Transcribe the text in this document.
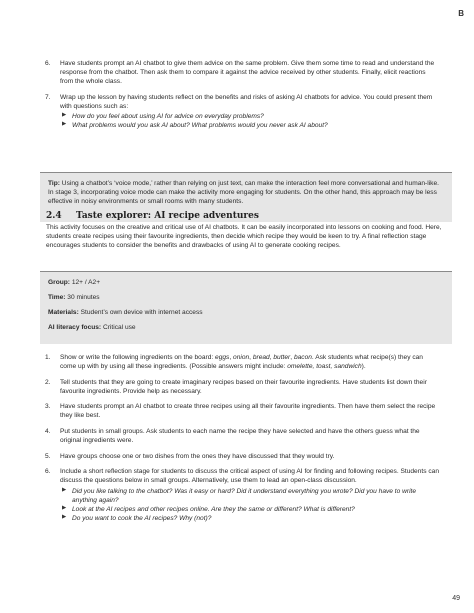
B
6. Have students prompt an AI chatbot to give them advice on the same problem. Give them some time to read and understand the response from the chatbot. Then ask them to compare it against the advice received by other students. Finally, elicit reactions from the whole class.
7. Wrap up the lesson by having students reflect on the benefits and risks of asking AI chatbots for advice. You could present them with questions such as:
▶ How do you feel about using AI for advice on everyday problems?
▶ What problems would you ask AI about? What problems would you never ask AI about?
Tip: Using a chatbot’s ‘voice mode,’ rather than relying on just text, can make the interaction feel more conversational and human-like. In stage 3, incorporating voice mode can make the activity more engaging for students. On the other hand, this approach may be less effective in noisy environments or small rooms with many students.
2.4 Taste explorer: AI recipe adventures
This activity focuses on the creative and critical use of AI chatbots. It can be easily incorporated into lessons on cooking and food. Here, students create recipes using their favourite ingredients, then decide which recipe they would be keen to try. A final reflection stage encourages students to consider the benefits and drawbacks of using AI to generate cooking recipes.
Group: 12+ / A2+
Time: 30 minutes
Materials: Student’s own device with internet access
AI literacy focus: Critical use
1. Show or write the following ingredients on the board: eggs, onion, bread, butter, bacon. Ask students what recipe(s) they can come up with by using all these ingredients. (Possible answers might include: omelette, toast, sandwich).
2. Tell students that they are going to create imaginary recipes based on their favourite ingredients. Have students list down their favourite ingredients. Provide help as necessary.
3. Have students prompt an AI chatbot to create three recipes using all their favourite ingredients. Then have them select the recipe they like best.
4. Put students in small groups. Ask students to each name the recipe they have selected and have the others guess what the original ingredients were.
5. Have groups choose one or two dishes from the ones they have discussed that they would try.
6. Include a short reflection stage for students to discuss the critical aspect of using AI for finding and following recipes. Students can discuss the questions below in small groups. Alternatively, use them to lead an open-class discussion.
▶ Did you like talking to the chatbot? Was it easy or hard? Did it understand everything you wrote? Did you have to write anything again?
▶ Look at the AI recipes and other recipes online. Are they the same or different? What is different?
▶ Do you want to cook the AI recipes? Why (not)?
49
